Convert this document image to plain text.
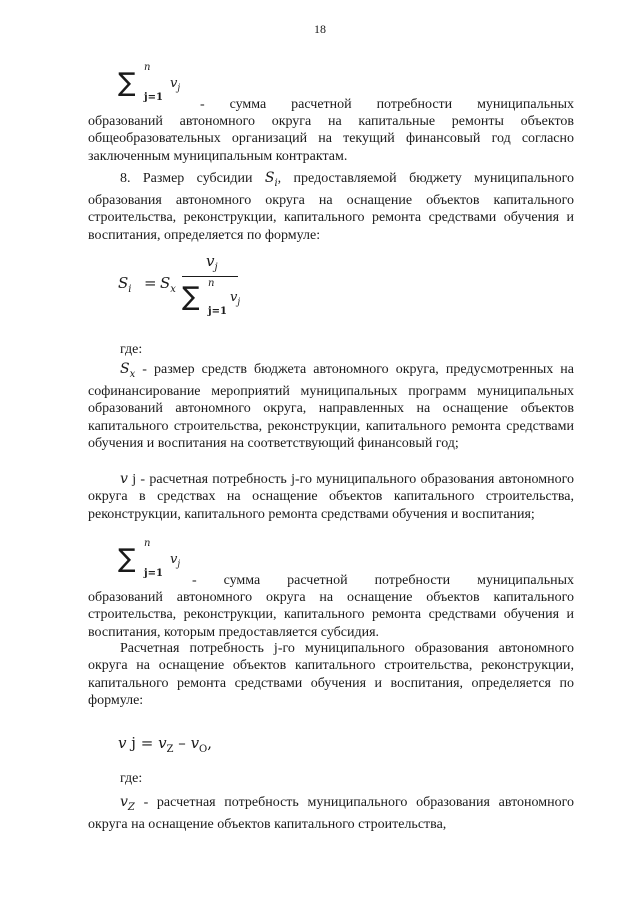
18
∑
n
j=1
$v_j$
- сумма расчетной потребности муниципальных

образований автономного округа на капитальные ремонты объектов общеобразовательных организаций на текущий финансовый год согласно заключенным муниципальным контрактам.

8. Размер субсидии $S_i$, предоставляемой бюджету муниципального образования автономного округа на оснащение объектов капитального строительства, реконструкции, капитального ремонта средствами обучения и воспитания, определяется по формуле:

$S_i = S_x$
$v_j$
∑ n
j=1
$v_j$
где:

$S_x$ - размер средств бюджета автономного округа, предусмотренных на софинансирование мероприятий муниципальных программ муниципальных образований автономного округа, направленных на оснащение объектов капитального строительства, реконструкции, капитального ремонта средствами обучения и воспитания на соответствующий финансовый год;

v j - расчетная потребность j-го муниципального образования автономного округа в средствах на оснащение объектов капитального строительства, реконструкции, капитального ремонта средствами обучения и воспитания;

∑
n
j=1
$v_j$
- сумма расчетной потребности муниципальных

образований автономного округа на оснащение объектов капитального строительства, реконструкции, капитального ремонта средствами обучения и воспитания, которым предоставляется субсидия.

Расчетная потребность j-го муниципального образования автономного округа на оснащение объектов капитального строительства, реконструкции, капитального ремонта средствами обучения и воспитания, определяется по формуле:

v $j = v_Z - v_O$,
где:

$v_Z$ - расчетная потребность муниципального образования автономного округа на оснащение объектов капитального строительства,
